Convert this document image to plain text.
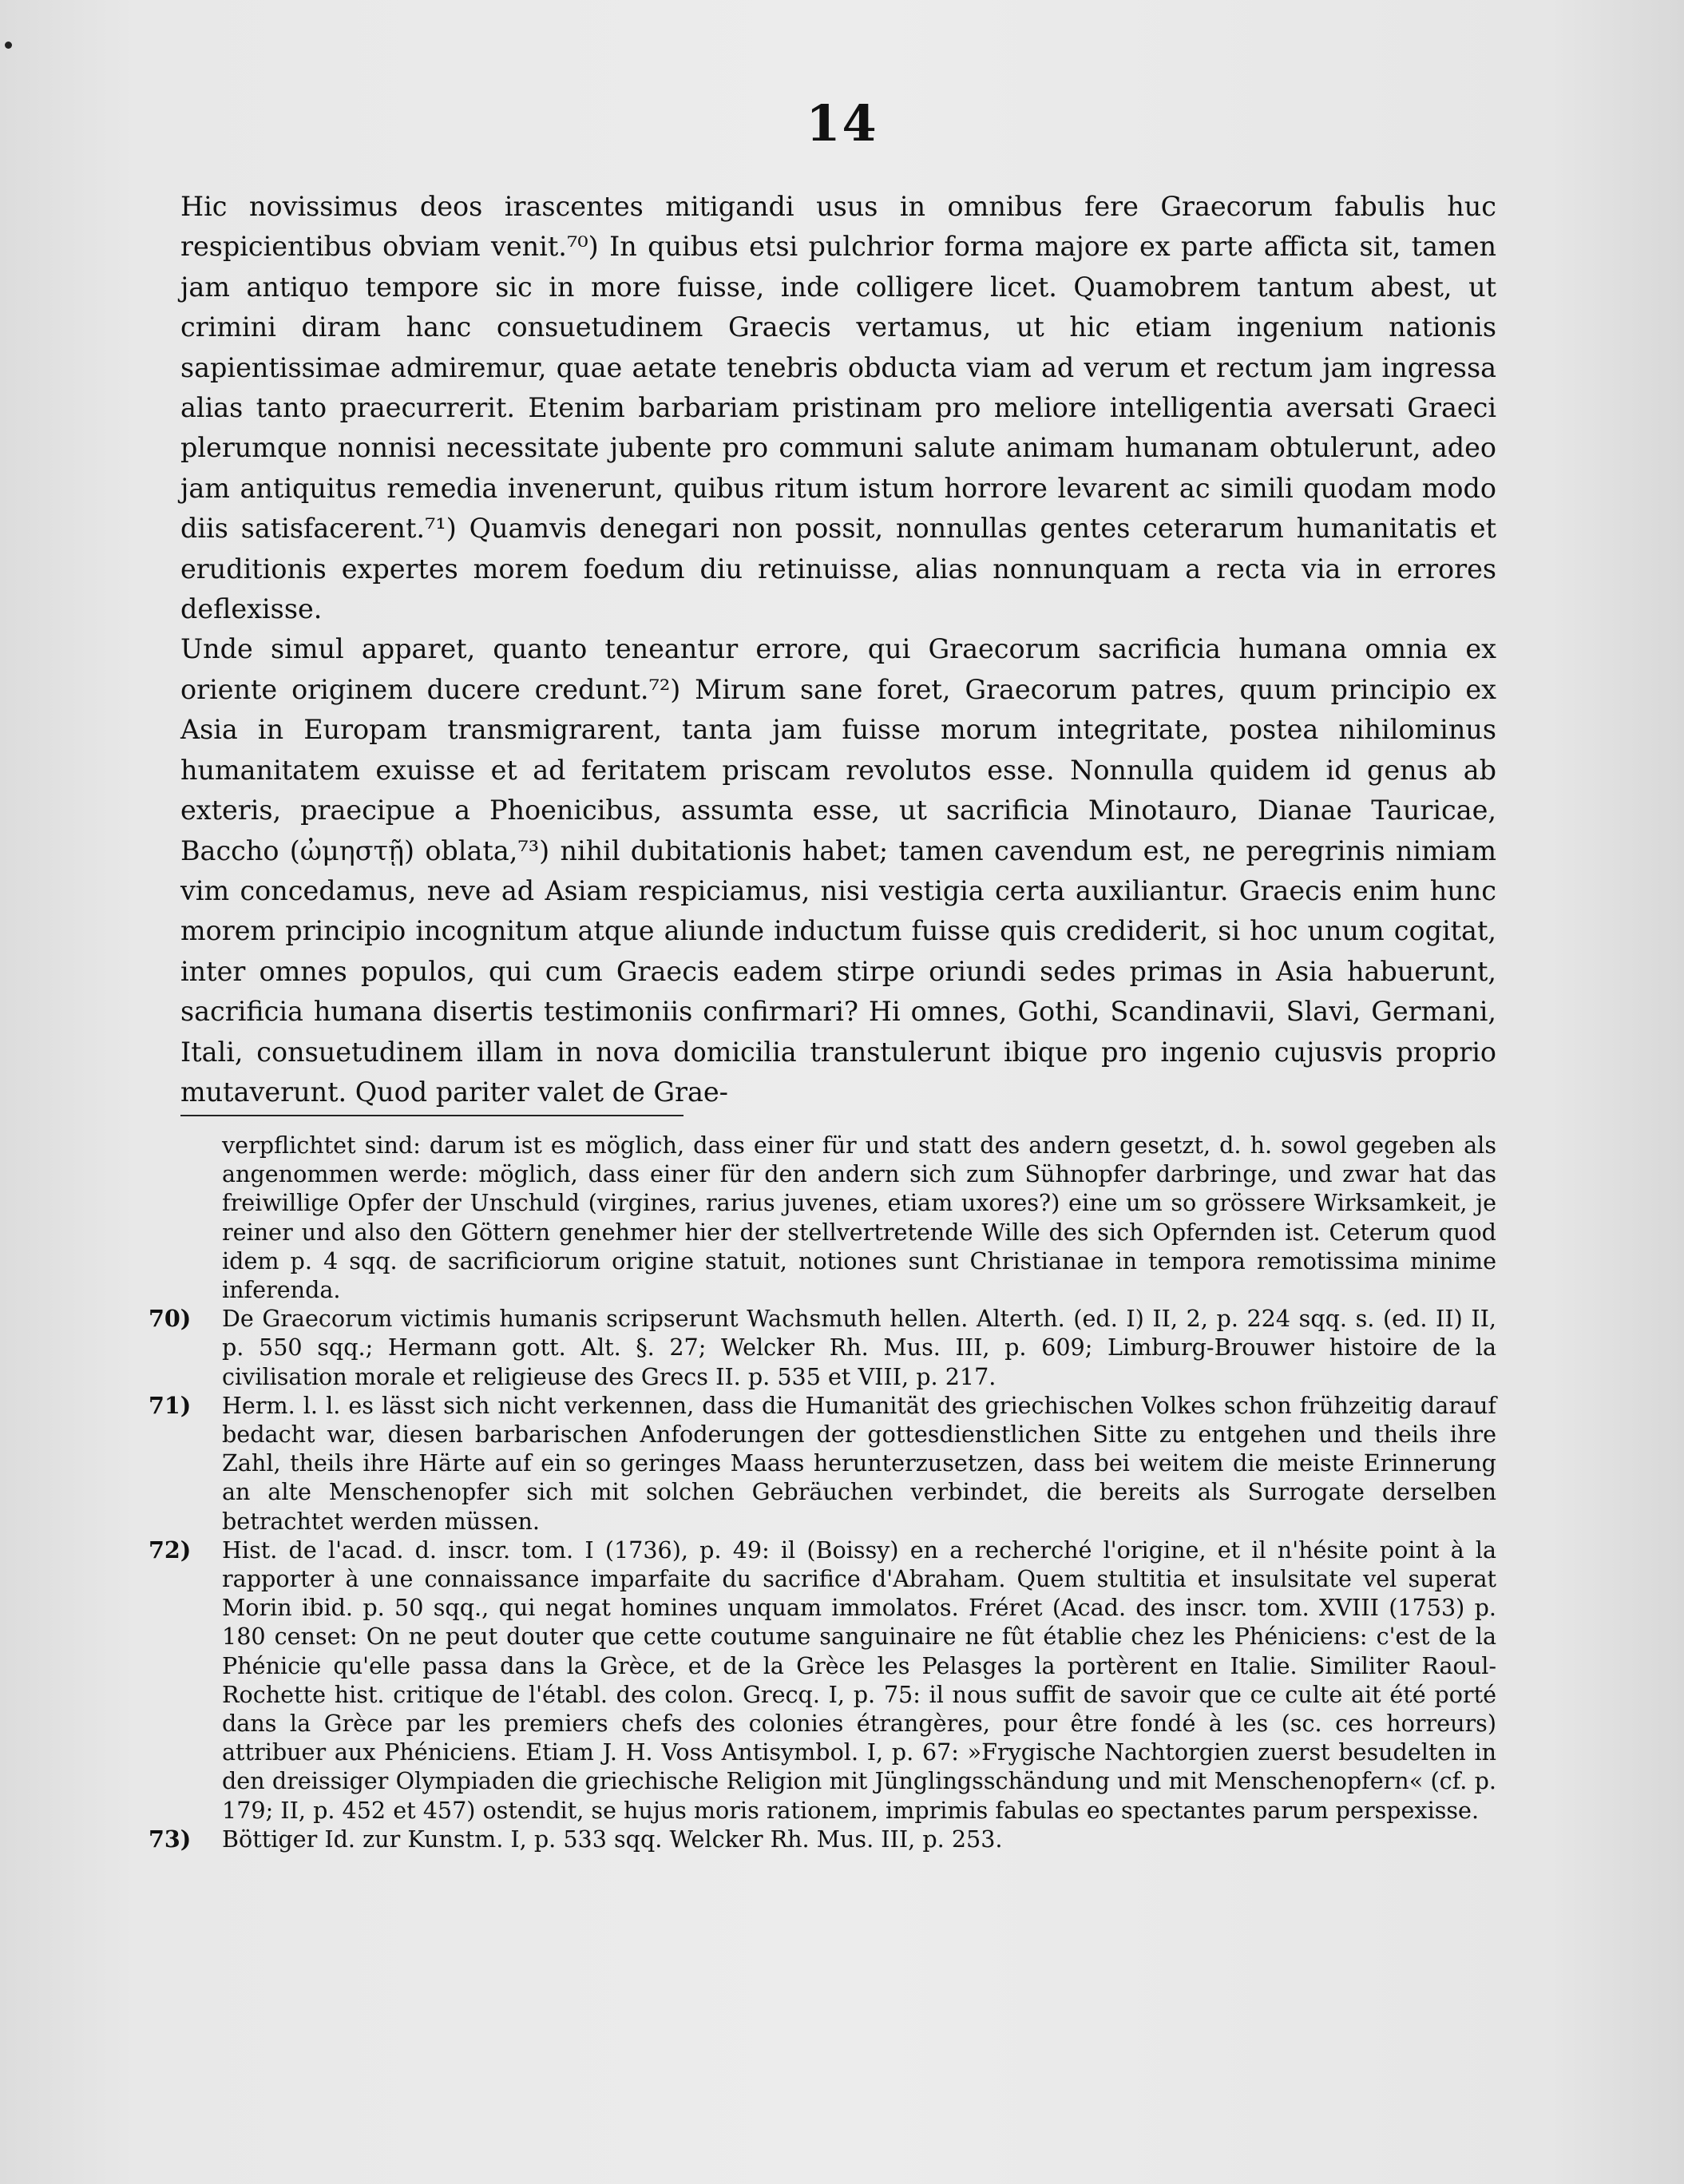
14

Hic novissimus deos irascentes mitigandi usus in omnibus fere Graecorum fabulis huc respicientibus obviam venit.⁷⁰) In quibus etsi pulchrior forma majore ex parte afficta sit, tamen jam antiquo tempore sic in more fuisse, inde colligere licet. Quamobrem tantum abest, ut crimini diram hanc consuetudinem Graecis vertamus, ut hic etiam ingenium nationis sapientissimae admiremur, quae aetate tenebris obducta viam ad verum et rectum jam ingressa alias tanto praecurrerit. Etenim barbariam pristinam pro meliore intelligentia aversati Graeci plerumque nonnisi necessitate jubente pro communi salute animam humanam obtulerunt, adeo jam antiquitus remedia invenerunt, quibus ritum istum horrore levarent ac simili quodam modo diis satisfacerent.⁷¹) Quamvis denegari non possit, nonnullas gentes ceterarum humanitatis et eruditionis expertes morem foedum diu retinuisse, alias nonnunquam a recta via in errores deflexisse.

Unde simul apparet, quanto teneantur errore, qui Graecorum sacrificia humana omnia ex oriente originem ducere credunt.⁷²) Mirum sane foret, Graecorum patres, quum principio ex Asia in Europam transmigrarent, tanta jam fuisse morum integritate, postea nihilominus humanitatem exuisse et ad feritatem priscam revolutos esse. Nonnulla quidem id genus ab exteris, praecipue a Phoenicibus, assumta esse, ut sacrificia Minotauro, Dianae Tauricae, Baccho (ὠμηστῇ) oblata,⁷³) nihil dubitationis habet; tamen cavendum est, ne peregrinis nimiam vim concedamus, neve ad Asiam respiciamus, nisi vestigia certa auxiliantur. Graecis enim hunc morem principio incognitum atque aliunde inductum fuisse quis crediderit, si hoc unum cogitat, inter omnes populos, qui cum Graecis eadem stirpe oriundi sedes primas in Asia habuerunt, sacrificia humana disertis testimoniis confirmari? Hi omnes, Gothi, Scandinavii, Slavi, Germani, Itali, consuetudinem illam in nova domicilia transtulerunt ibique pro ingenio cujusvis proprio mutaverunt. Quod pariter valet de Grae-

verpflichtet sind: darum ist es möglich, dass einer für und statt des andern gesetzt, d. h. sowol gegeben als angenommen werde: möglich, dass einer für den andern sich zum Sühnopfer darbringe, und zwar hat das freiwillige Opfer der Unschuld (virgines, rarius juvenes, etiam uxores?) eine um so grössere Wirksamkeit, je reiner und also den Göttern genehmer hier der stellvertretende Wille des sich Opfernden ist. Ceterum quod idem p. 4 sqq. de sacrificiorum origine statuit, notiones sunt Christianae in tempora remotissima minime inferenda.
70) De Graecorum victimis humanis scripserunt Wachsmuth hellen. Alterth. (ed. I) II, 2, p. 224 sqq. s. (ed. II) II, p. 550 sqq.; Hermann gott. Alt. §. 27; Welcker Rh. Mus. III, p. 609; Limburg-Brouwer histoire de la civilisation morale et religieuse des Grecs II. p. 535 et VIII, p. 217.
71) Herm. l. l. es lässt sich nicht verkennen, dass die Humanität des griechischen Volkes schon frühzeitig darauf bedacht war, diesen barbarischen Anfoderungen der gottesdienstlichen Sitte zu entgehen und theils ihre Zahl, theils ihre Härte auf ein so geringes Maass herunterzusetzen, dass bei weitem die meiste Erinnerung an alte Menschenopfer sich mit solchen Gebräuchen verbindet, die bereits als Surrogate derselben betrachtet werden müssen.
72) Hist. de l'acad. d. inscr. tom. I (1736), p. 49: il (Boissy) en a recherché l'origine, et il n'hésite point à la rapporter à une connaissance imparfaite du sacrifice d'Abraham. Quem stultitia et insulsitate vel superat Morin ibid. p. 50 sqq., qui negat homines unquam immolatos. Fréret (Acad. des inscr. tom. XVIII (1753) p. 180 censet: On ne peut douter que cette coutume sanguinaire ne fût établie chez les Phéniciens: c'est de la Phénicie qu'elle passa dans la Grèce, et de la Grèce les Pelasges la portèrent en Italie. Similiter Raoul-Rochette hist. critique de l'établ. des colon. Grecq. I, p. 75: il nous suffit de savoir que ce culte ait été porté dans la Grèce par les premiers chefs des colonies étrangères, pour être fondé à les (sc. ces horreurs) attribuer aux Phéniciens. Etiam J. H. Voss Antisymbol. I, p. 67: »Frygische Nachtorgien zuerst besudelten in den dreissiger Olympiaden die griechische Religion mit Jünglingsschändung und mit Menschenopfern« (cf. p. 179; II, p. 452 et 457) ostendit, se hujus moris rationem, imprimis fabulas eo spectantes parum perspexisse.
73) Böttiger Id. zur Kunstm. I, p. 533 sqq. Welcker Rh. Mus. III, p. 253.
